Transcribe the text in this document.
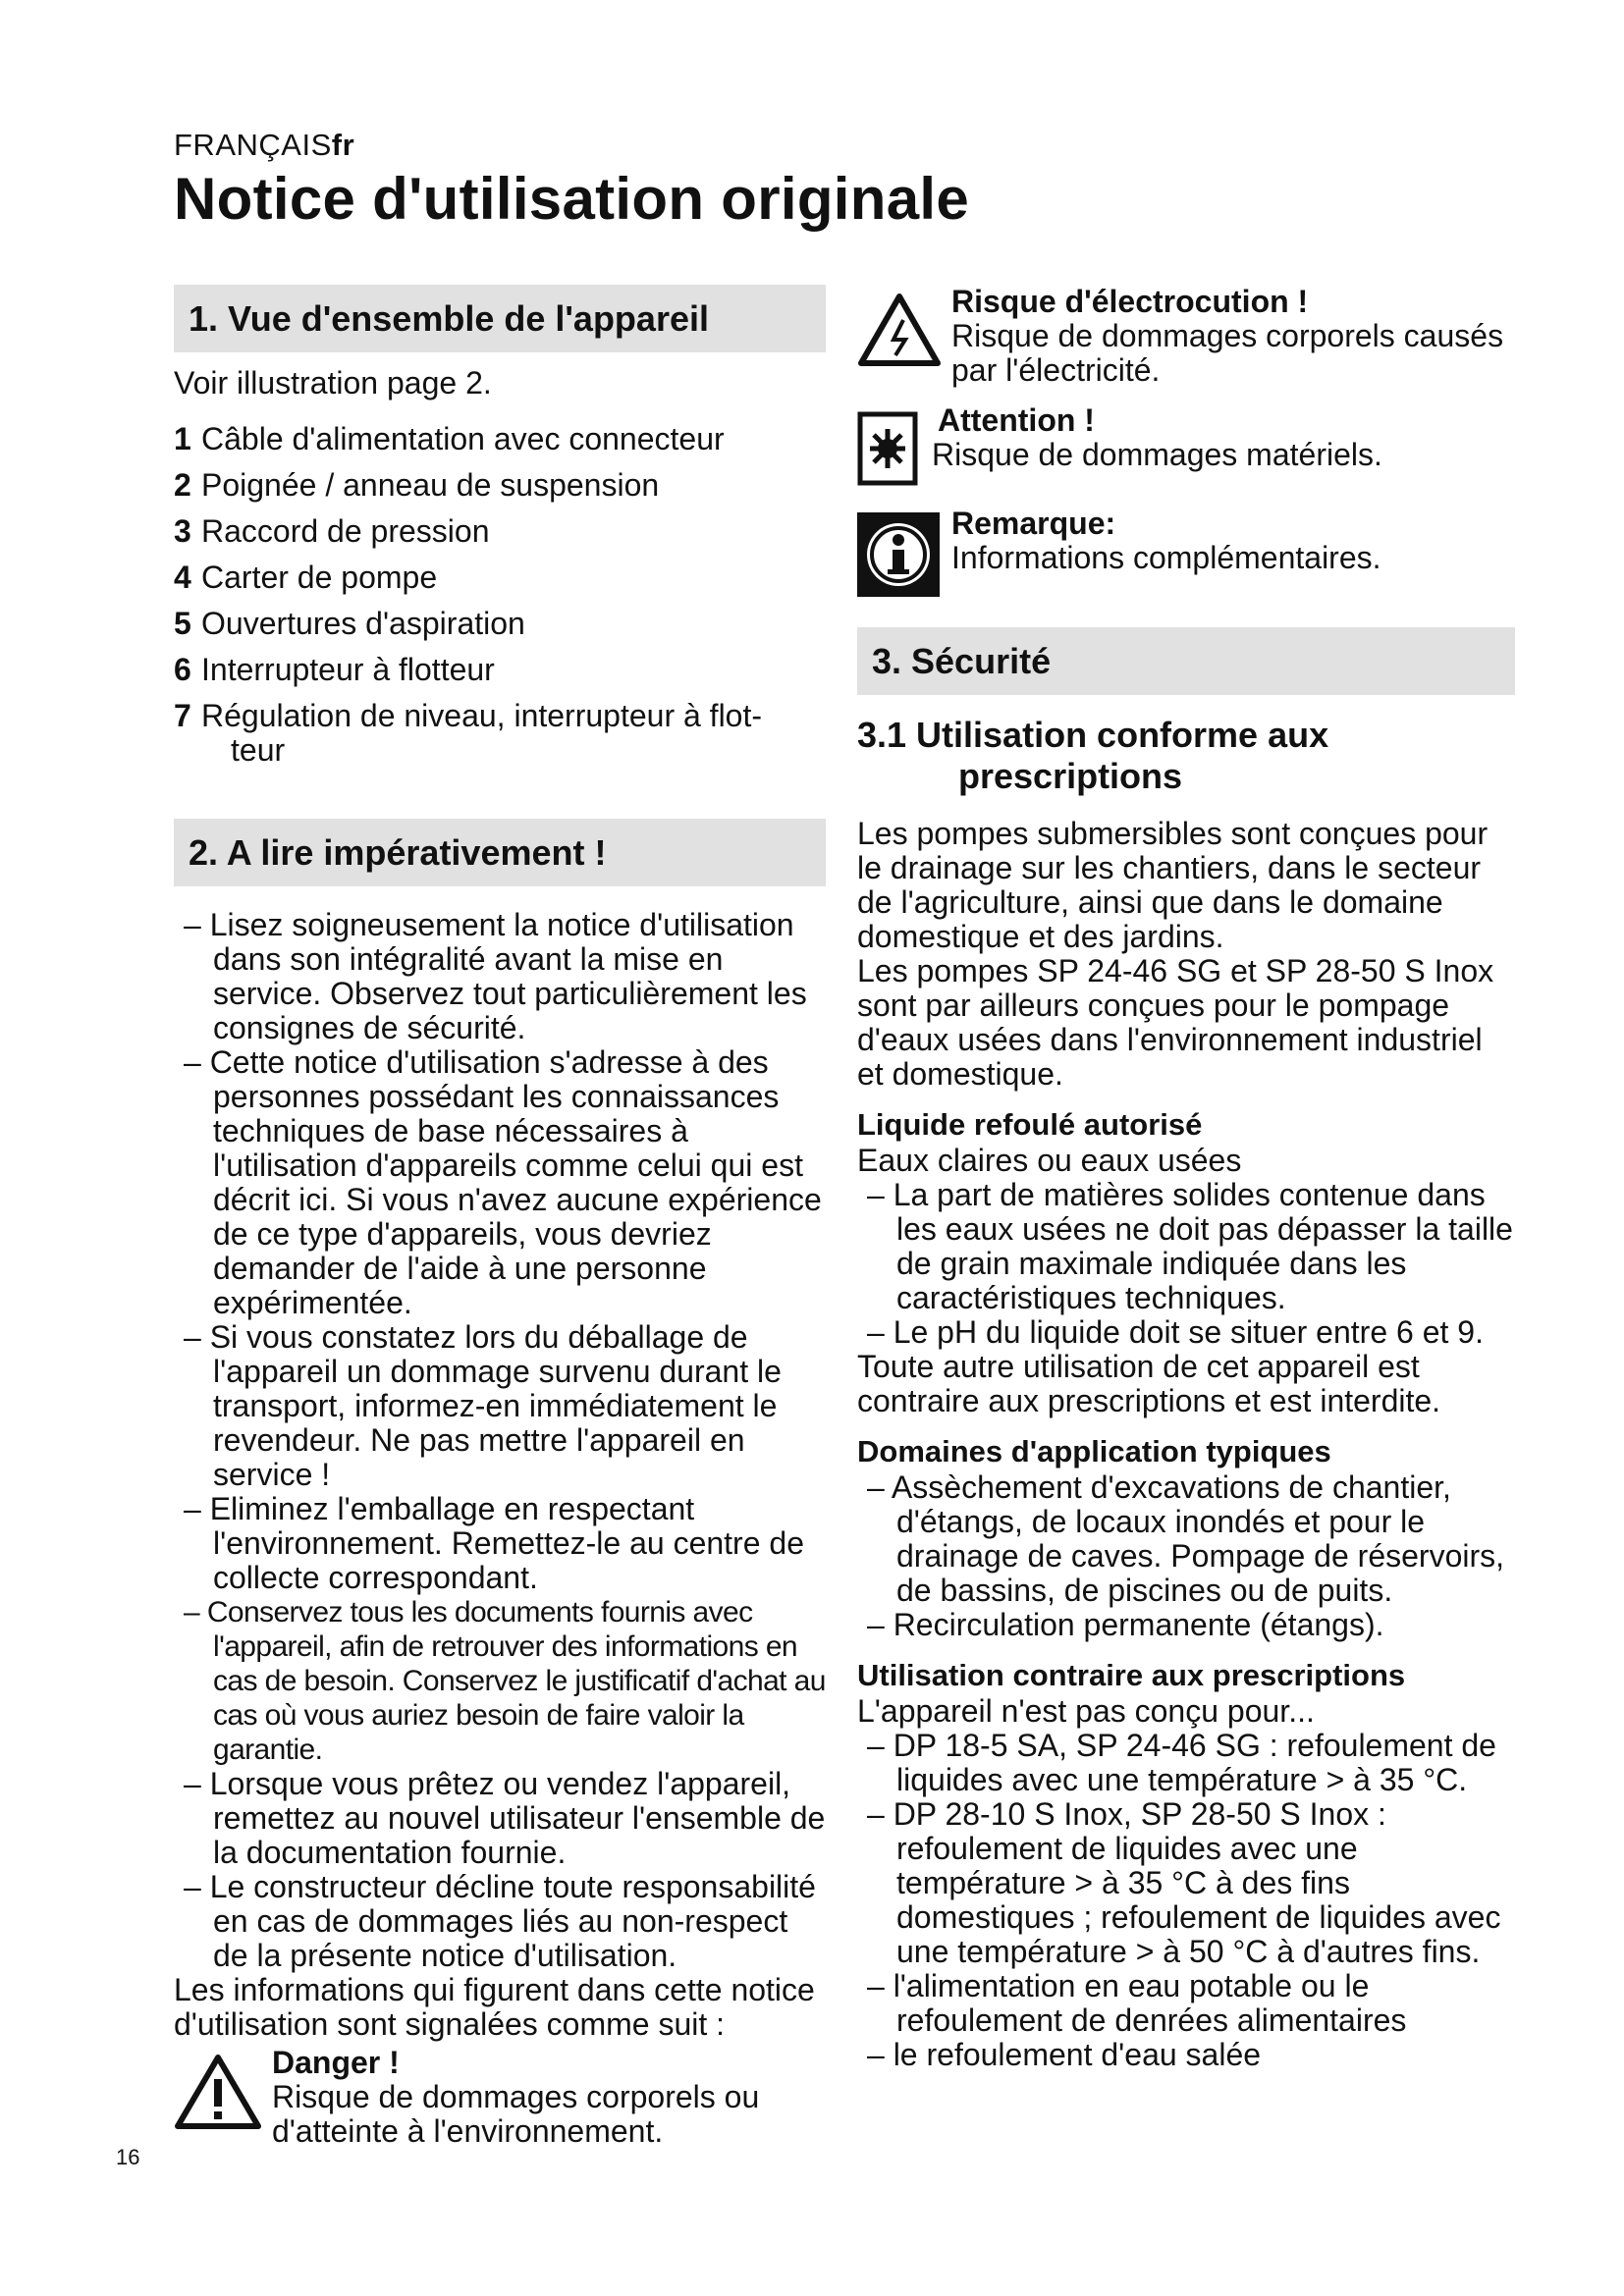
FRANÇAISfr
Notice d'utilisation originale
1. Vue d'ensemble de l'appareil

Voir illustration page 2.

1 Câble d'alimentation avec connecteur
2 Poignée / anneau de suspension
3 Raccord de pression
4 Carter de pompe
5 Ouvertures d'aspiration
6 Interrupteur à flotteur
7 Régulation de niveau, interrupteur à flot-
teur
2. A lire impérativement !
– Lisez soigneusement la notice d'utilisation dans son intégralité avant la mise en service. Observez tout particulièrement les consignes de sécurité.
– Cette notice d'utilisation s'adresse à des personnes possédant les connaissances techniques de base nécessaires à l'utilisation d'appareils comme celui qui est décrit ici. Si vous n'avez aucune expérience de ce type d'appareils, vous devriez demander de l'aide à une personne expérimentée.
– Si vous constatez lors du déballage de l'appareil un dommage survenu durant le transport, informez-en immédiatement le revendeur. Ne pas mettre l'appareil en service !
– Eliminez l'emballage en respectant l'environnement. Remettez-le au centre de collecte correspondant.
– Conservez tous les documents fournis avec l'appareil, afin de retrouver des informations en cas de besoin. Conservez le justificatif d'achat au cas où vous auriez besoin de faire valoir la garantie.
– Lorsque vous prêtez ou vendez l'appareil, remettez au nouvel utilisateur l'ensemble de la documentation fournie.
– Le constructeur décline toute responsabilité en cas de dommages liés au non-respect de la présente notice d'utilisation.

Les informations qui figurent dans cette notice d'utilisation sont signalées comme suit :

Danger !
Risque de dommages corporels ou d'atteinte à l'environnement.
Risque d'électrocution !
Risque de dommages corporels causés par l'électricité.
Attention !
Risque de dommages matériels.
Remarque:
Informations complémentaires.
3. Sécurité
3.1 Utilisation conforme aux
prescriptions

Les pompes submersibles sont conçues pour le drainage sur les chantiers, dans le secteur de l'agriculture, ainsi que dans le domaine domestique et des jardins.

Les pompes SP 24-46 SG et SP 28-50 S Inox sont par ailleurs conçues pour le pompage d'eaux usées dans l'environnement industriel et domestique.

Liquide refoulé autorisé

Eaux claires ou eaux usées

– La part de matières solides contenue dans les eaux usées ne doit pas dépasser la taille de grain maximale indiquée dans les caractéristiques techniques.
– Le pH du liquide doit se situer entre 6 et 9.

Toute autre utilisation de cet appareil est contraire aux prescriptions et est interdite.

Domaines d'application typiques
– Assèchement d'excavations de chantier, d'étangs, de locaux inondés et pour le drainage de caves. Pompage de réservoirs, de bassins, de piscines ou de puits.
– Recirculation permanente (étangs).
Utilisation contraire aux prescriptions

L'appareil n'est pas conçu pour...

– DP 18-5 SA, SP 24-46 SG : refoulement de liquides avec une température > à 35 °C.
– DP 28-10 S Inox, SP 28-50 S Inox : refoulement de liquides avec une température > à 35 °C à des fins domestiques ; refoulement de liquides avec une température > à 50 °C à d'autres fins.
– l'alimentation en eau potable ou le refoulement de denrées alimentaires
– le refoulement d'eau salée
16
